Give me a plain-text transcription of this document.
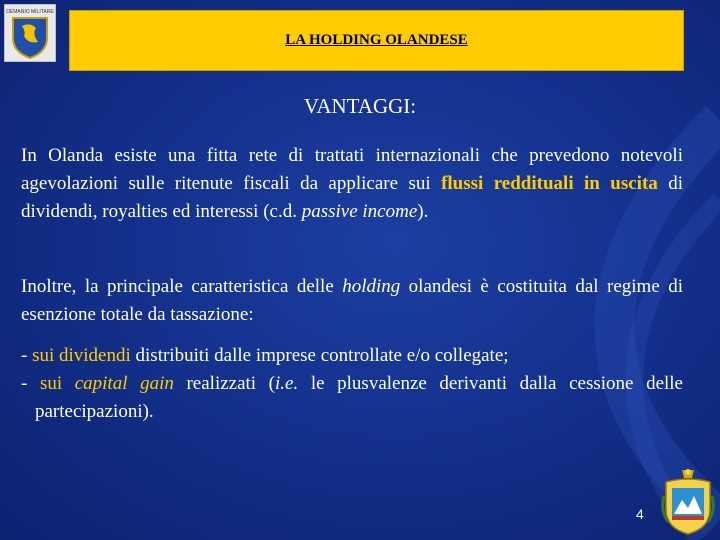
DEMANIO MILITARE
LA HOLDING OLANDESE
VANTAGGI:
In Olanda esiste una fitta rete di trattati internazionali che prevedono notevoli agevolazioni sulle ritenute fiscali da applicare sui flussi reddituali in uscita di dividendi, royalties ed interessi (c.d. passive income).
Inoltre, la principale caratteristica delle holding olandesi è costituita dal regime di esenzione totale da tassazione:
- sui dividendi distribuiti dalle imprese controllate e/o collegate;
- sui capital gain realizzati (i.e. le plusvalenze derivanti dalla cessione delle partecipazioni).
4
